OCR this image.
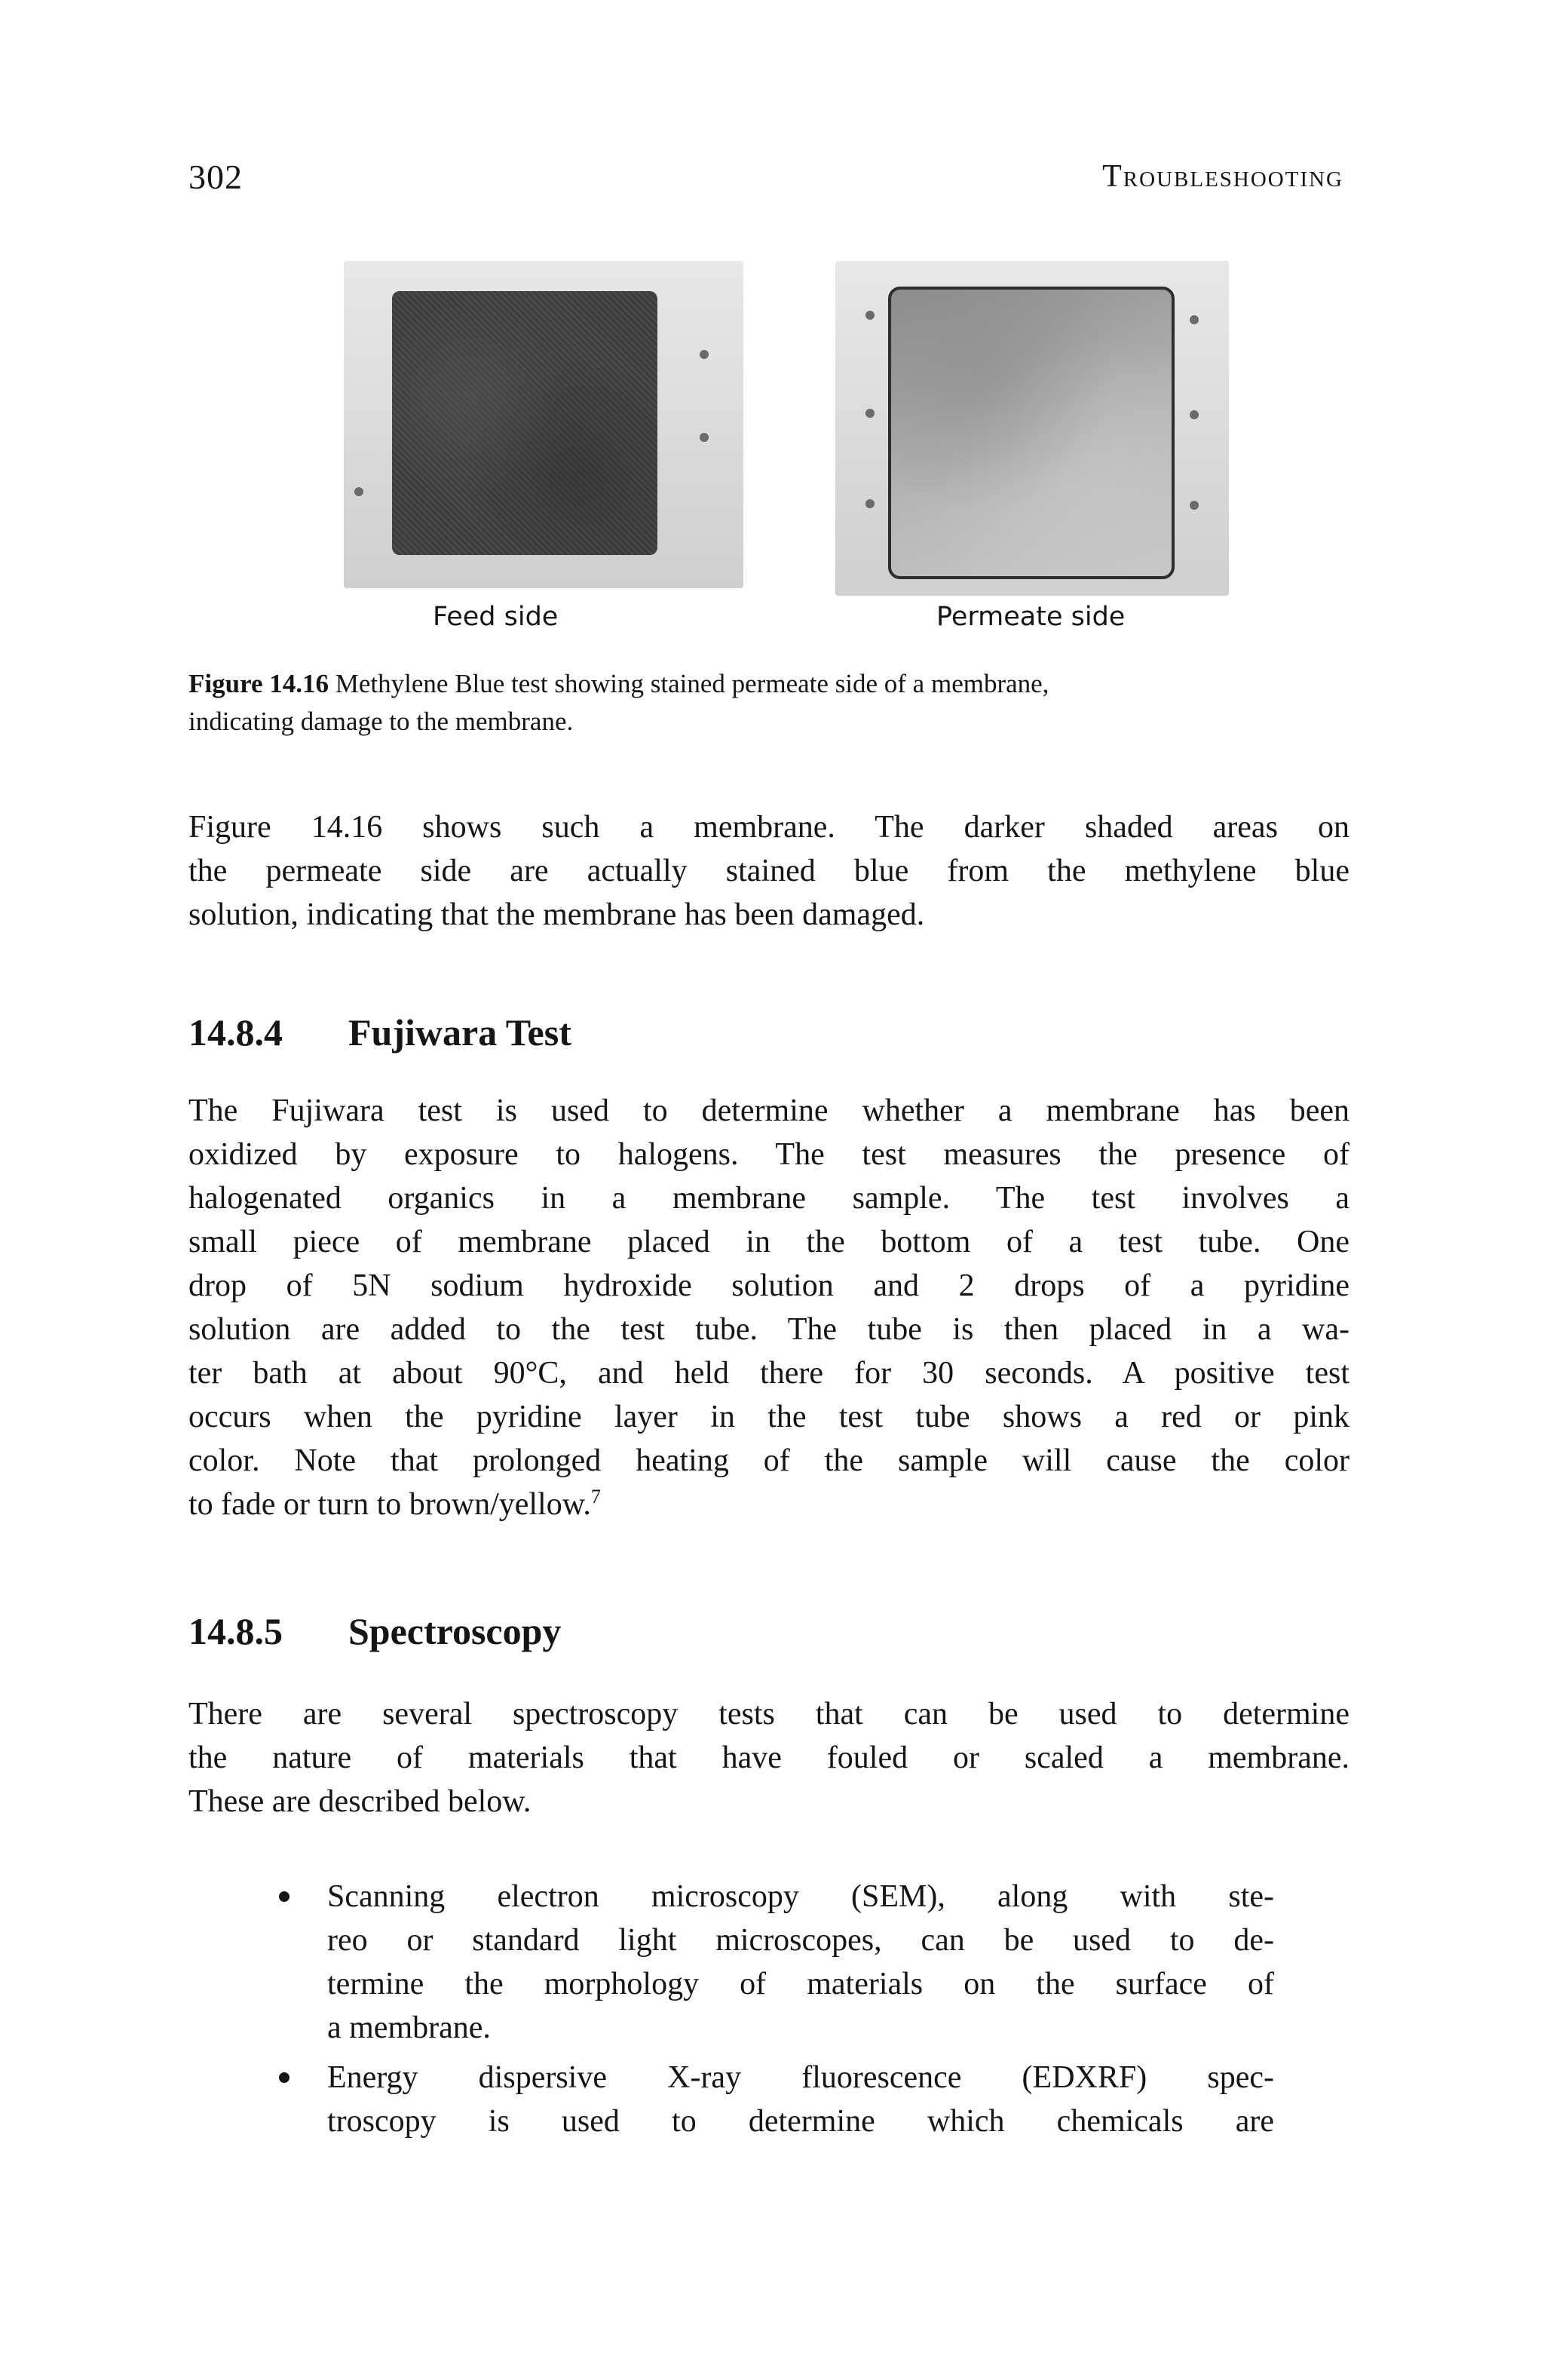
302	Troubleshooting
Feed side	Permeate side
Figure 14.16 Methylene Blue test showing stained permeate side of a membrane,
indicating damage to the membrane.
Figure 14.16 shows such a membrane. The darker shaded areas on
the permeate side are actually stained blue from the methylene blue
solution, indicating that the membrane has been damaged.
14.8.4 Fujiwara Test
The Fujiwara test is used to determine whether a membrane has been
oxidized by exposure to halogens. The test measures the presence of
halogenated organics in a membrane sample. The test involves a
small piece of membrane placed in the bottom of a test tube. One
drop of 5N sodium hydroxide solution and 2 drops of a pyridine
solution are added to the test tube. The tube is then placed in a wa-
ter bath at about 90°C, and held there for 30 seconds. A positive test
occurs when the pyridine layer in the test tube shows a red or pink
color. Note that prolonged heating of the sample will cause the color
to fade or turn to brown/yellow.$^7$
14.8.5 Spectroscopy
There are several spectroscopy tests that can be used to determine
the nature of materials that have fouled or scaled a membrane.
These are described below.
Scanning electron microscopy (SEM), along with ste-
reo or standard light microscopes, can be used to de-
termine the morphology of materials on the surface of
a membrane.
Energy dispersive X-ray fluorescence (EDXRF) spec-
troscopy is used to determine which chemicals are
